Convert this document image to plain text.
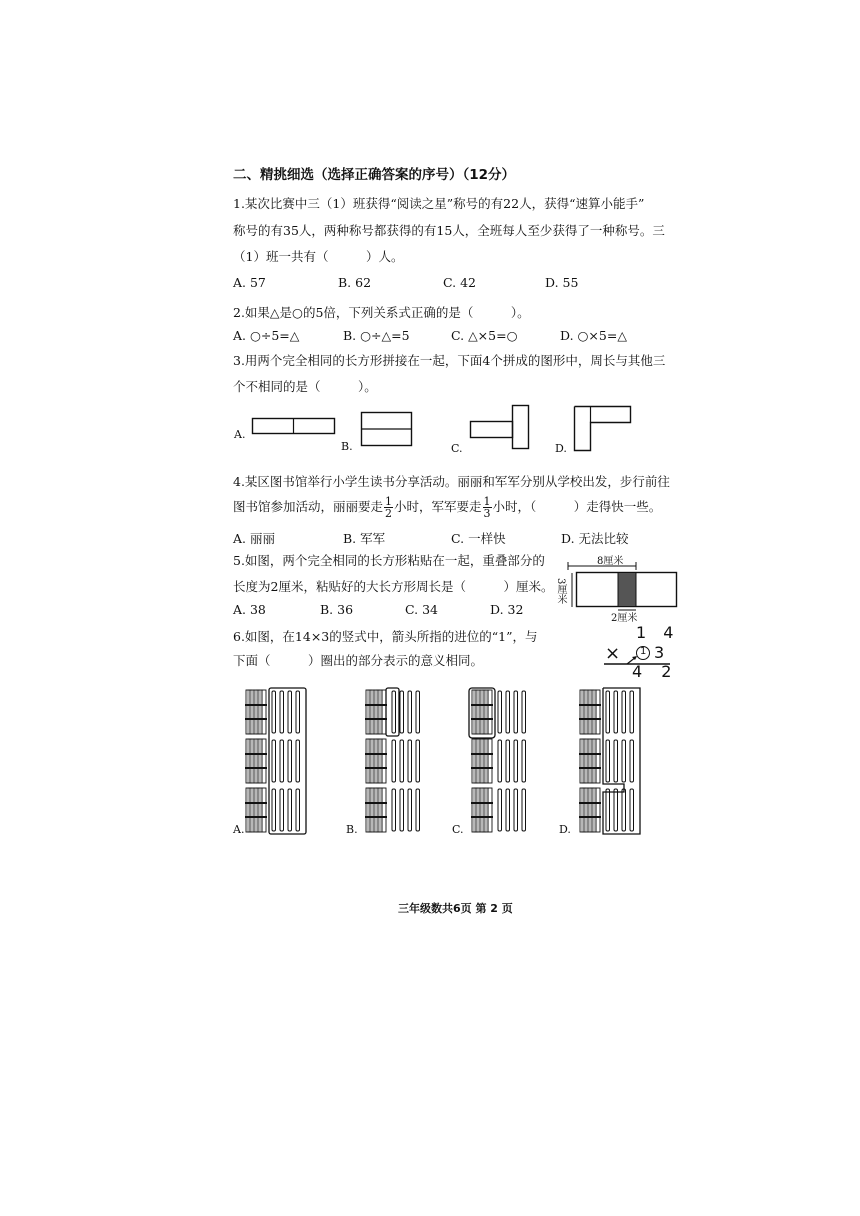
二、精挑细选（选择正确答案的序号）（12分）
1.某次比赛中三（1）班获得“阅读之星”称号的有22人，获得“速算小能手”
称号的有35人，两种称号都获得的有15人，全班每人至少获得了一种称号。三
（1）班一共有（　　　）人。
A. 57	B. 62	C. 42	D. 55
2.如果△是○的5倍，下列关系式正确的是（　　　）。
A. ○÷5=△	B. ○÷△=5	C. △×5=○	D. ○×5=△
3.用两个完全相同的长方形拼接在一起，下面4个拼成的图形中，周长与其他三
个不相同的是（　　　）。
A.
B.	C.	D.
4.某区图书馆举行小学生读书分享活动。丽丽和军军分别从学校出发，步行前往
图书馆参加活动，丽丽要走 $\frac{1}{2}$ 小时，军军要走 $\frac{1}{3}$ 小时，（　　　）走得快一些。
A. 丽丽	B. 军军	C. 一样快	D. 无法比较
5.如图，两个完全相同的长方形粘贴在一起，重叠部分的
长度为2厘米，粘贴好的大长方形周长是（　　　）厘米。
A. 38	B. 36	C. 34	D. 32
8厘米
3厘米
2厘米
6.如图，在14×3的竖式中，箭头所指的进位的“1”，与
下面（　　　）圈出的部分表示的意义相同。
1 4
× 3
1
4 2
A.	B.	C.	D.
三年级数共6页 第 2 页
